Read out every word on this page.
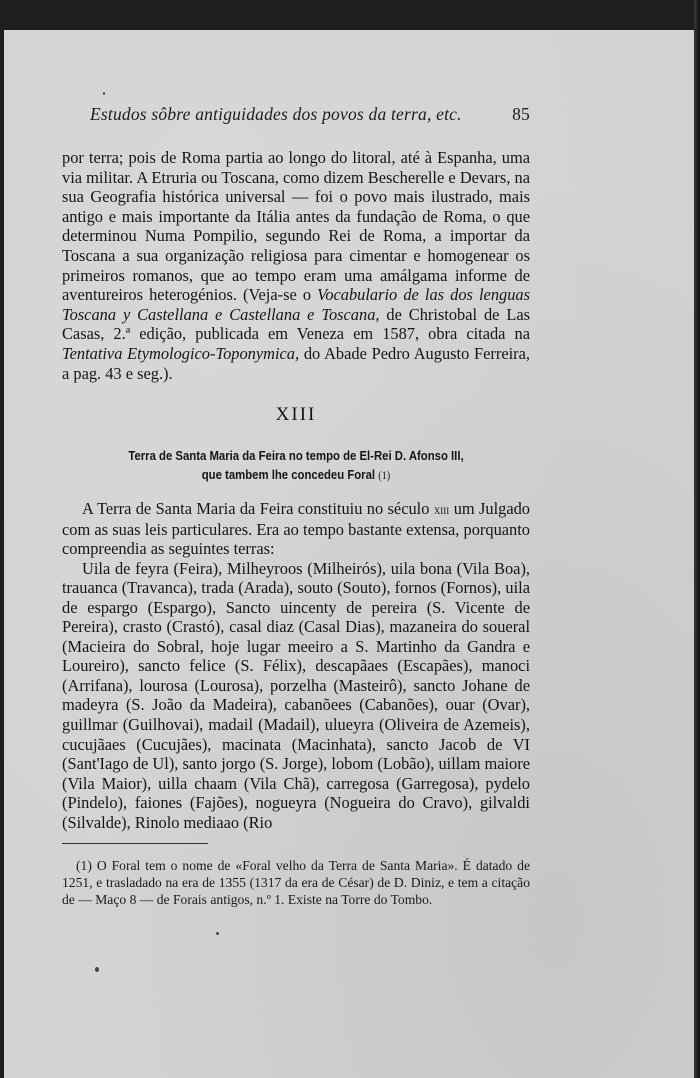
Estudos sôbre antiguidades dos povos da terra, etc.	85

por terra; pois de Roma partia ao longo do litoral, até à Espanha, uma via militar. A Etruria ou Toscana, como dizem Bescherelle e Devars, na sua Geografia histórica universal — foi o povo mais ilustrado, mais antigo e mais importante da Itália antes da fundação de Roma, o que determinou Numa Pompilio, segundo Rei de Roma, a importar da Toscana a sua organização religiosa para cimentar e homogenear os primeiros romanos, que ao tempo eram uma amálgama informe de aventureiros heterogénios. (Veja-se o Vocabulario de las dos lenguas Toscana y Castellana e Castellana e Toscana, de Christobal de Las Casas, 2.ª edição, publicada em Veneza em 1587, obra citada na Tentativa Etymologico-Toponymica, do Abade Pedro Augusto Ferreira, a pag. 43 e seg.).

XIII
Terra de Santa Maria da Feira no tempo de El-Rei D. Afonso III,
que tambem lhe concedeu Foral (1)

A Terra de Santa Maria da Feira constituiu no século xiii um Julgado com as suas leis particulares. Era ao tempo bastante extensa, porquanto compreendia as seguintes terras:

Uila de feyra (Feira), Milheyroos (Milheirós), uila bona (Vila Boa), trauanca (Travanca), trada (Arada), souto (Souto), fornos (Fornos), uila de espargo (Espargo), Sancto uincenty de pereira (S. Vicente de Pereira), crasto (Crastó), casal diaz (Casal Dias), mazaneira do soueral (Macieira do Sobral, hoje lugar meeiro a S. Martinho da Gandra e Loureiro), sancto felice (S. Félix), descapãaes (Escapães), manoci (Arrifana), lourosa (Lourosa), porzelha (Masteirô), sancto Johane de madeyra (S. João da Madeira), cabanõees (Cabanões), ouar (Ovar), guillmar (Guilhovai), madail (Madail), ulueyra (Oliveira de Azemeis), cucujãaes (Cucujães), macinata (Macinhata), sancto Jacob de VI (Sant'Iago de Ul), santo jorgo (S. Jorge), lobom (Lobão), uillam maiore (Vila Maior), uilla chaam (Vila Chã), carregosa (Garregosa), pydelo (Pindelo), faiones (Fajões), nogueyra (Nogueira do Cravo), gilvaldi (Silvalde), Rinolo mediaao (Rio

(1) O Foral tem o nome de «Foral velho da Terra de Santa Maria». É datado de 1251, e trasladado na era de 1355 (1317 da era de César) de D. Diniz, e tem a citação de — Maço 8 — de Forais antigos, n.º 1. Existe na Torre do Tombo.
